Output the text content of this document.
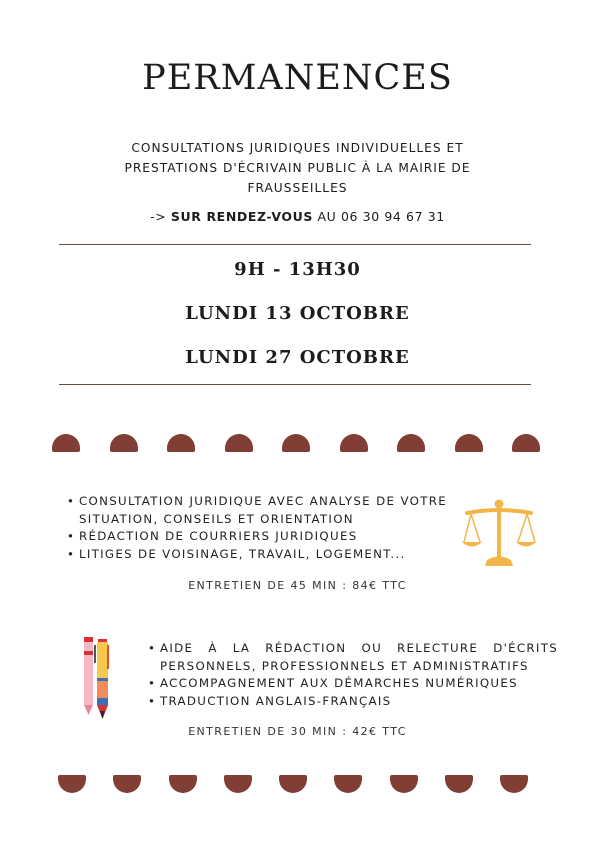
PERMANENCES
CONSULTATIONS JURIDIQUES INDIVIDUELLES ET PRESTATIONS D'ÉCRIVAIN PUBLIC À LA MAIRIE DE FRAUSSEILLES
-> SUR RENDEZ-VOUS AU 06 30 94 67 31
9H - 13H30
LUNDI 13 OCTOBRE
LUNDI 27 OCTOBRE
• CONSULTATION JURIDIQUE AVEC ANALYSE DE VOTRE SITUATION, CONSEILS ET ORIENTATION
• RÉDACTION DE COURRIERS JURIDIQUES
• LITIGES DE VOISINAGE, TRAVAIL, LOGEMENT...
ENTRETIEN DE 45 MIN : 84€ TTC
• AIDE À LA RÉDACTION OU RELECTURE D'ÉCRITS PERSONNELS, PROFESSIONNELS ET ADMINISTRATIFS
• ACCOMPAGNEMENT AUX DÉMARCHES NUMÉRIQUES
• TRADUCTION ANGLAIS-FRANÇAIS
ENTRETIEN DE 30 MIN : 42€ TTC
